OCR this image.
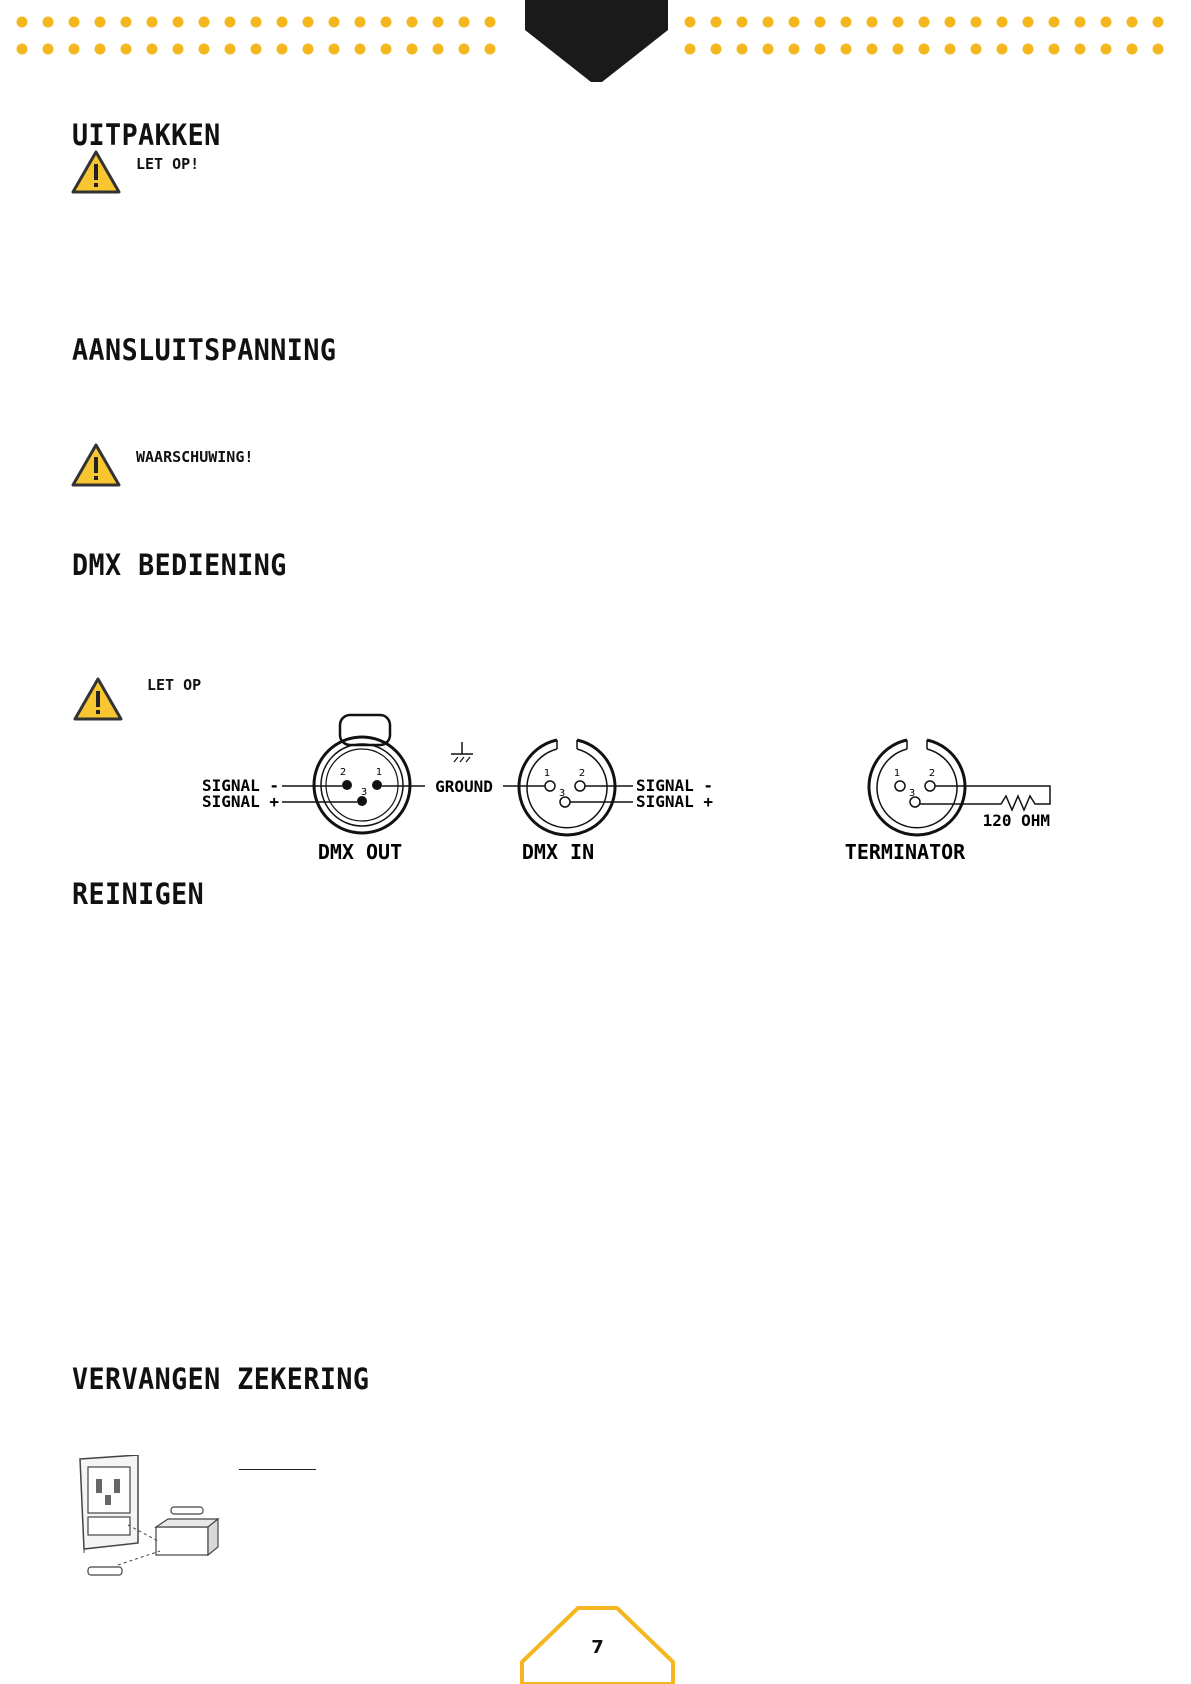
UITPAKKEN

LET OP!

AANSLUITSPANNING

WAARSCHUWING!

DMX BEDIENING

LET OP

2	1
3
SIGNAL -
SIGNAL +
GROUND
1	2
3	SIGNAL -
SIGNAL +
1	2
3
120 OHM
DMX OUT	DMX IN	TERMINATOR
REINIGEN
VERVANGEN ZEKERING
7
